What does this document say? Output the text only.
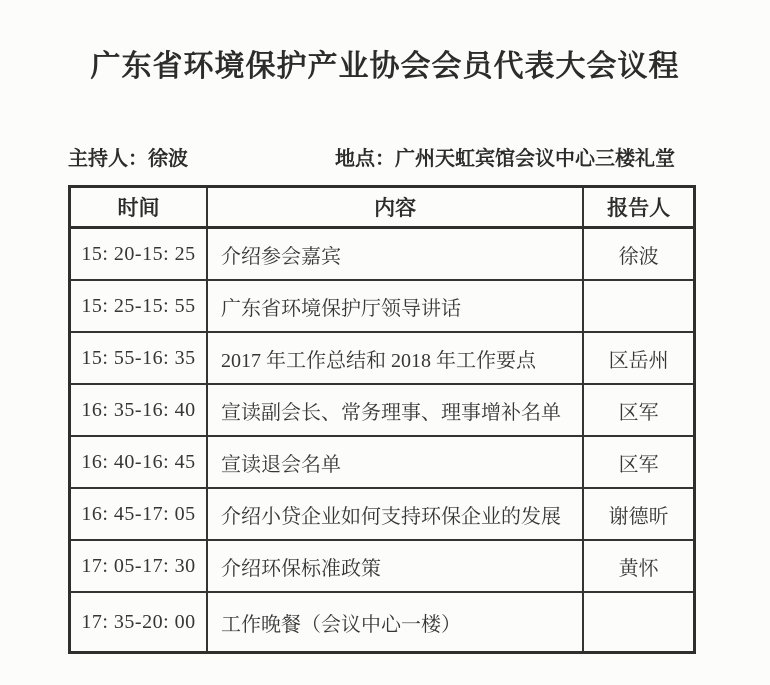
广东省环境保护产业协会会员代表大会议程
主持人：徐波	地点：广州天虹宾馆会议中心三楼礼堂
时间	内容	报告人
15: 20-15: 25	介绍参会嘉宾	徐波
15: 25-15: 55	广东省环境保护厅领导讲话	
15: 55-16: 35	2017 年工作总结和 2018 年工作要点	区岳州
16: 35-16: 40	宣读副会长、常务理事、理事增补名单	区军
16: 40-16: 45	宣读退会名单	区军
16: 45-17: 05	介绍小贷企业如何支持环保企业的发展	谢德昕
17: 05-17: 30	介绍环保标准政策	黄怀
17: 35-20: 00	工作晚餐（会议中心一楼）	
